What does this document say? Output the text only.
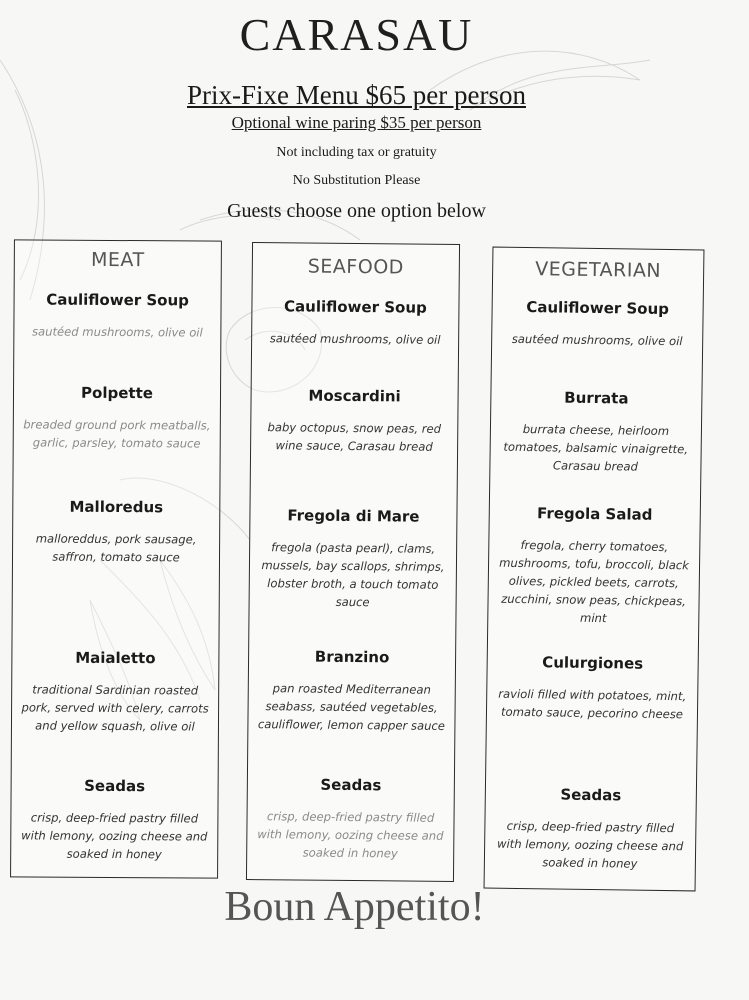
CARASAU
Prix-Fixe Menu $65 per person
Optional wine paring $35 per person
Not including tax or gratuity
No Substitution Please
Guests choose one option below
MEAT
Cauliflower Soup
sautéed mushrooms, olive oil
Polpette
breaded ground pork meatballs, garlic, parsley, tomato sauce
Malloredus
malloreddus, pork sausage, saffron, tomato sauce
Maialetto
traditional Sardinian roasted pork, served with celery, carrots and yellow squash, olive oil
Seadas
crisp, deep-fried pastry filled with lemony, oozing cheese and soaked in honey
SEAFOOD
Cauliflower Soup
sautéed mushrooms, olive oil
Moscardini
baby octopus, snow peas, red wine sauce, Carasau bread
Fregola di Mare
fregola (pasta pearl), clams, mussels, bay scallops, shrimps, lobster broth, a touch tomato sauce
Branzino
pan roasted Mediterranean seabass, sautéed vegetables, cauliflower, lemon capper sauce
Seadas
crisp, deep-fried pastry filled with lemony, oozing cheese and soaked in honey
VEGETARIAN
Cauliflower Soup
sautéed mushrooms, olive oil
Burrata
burrata cheese, heirloom tomatoes, balsamic vinaigrette, Carasau bread
Fregola Salad
fregola, cherry tomatoes, mushrooms, tofu, broccoli, black olives, pickled beets, carrots, zucchini, snow peas, chickpeas, mint
Culurgiones
ravioli filled with potatoes, mint, tomato sauce, pecorino cheese
Seadas
crisp, deep-fried pastry filled with lemony, oozing cheese and soaked in honey
Boun Appetito!
